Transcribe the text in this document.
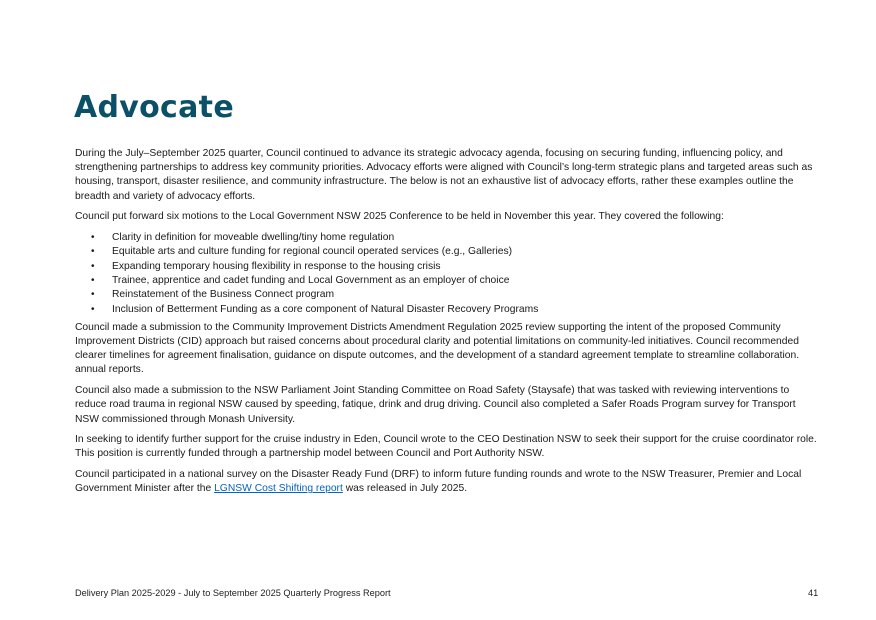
Advocate

During the July–September 2025 quarter, Council continued to advance its strategic advocacy agenda, focusing on securing funding, influencing policy, and strengthening partnerships to address key community priorities. Advocacy efforts were aligned with Council’s long-term strategic plans and targeted areas such as housing, transport, disaster resilience, and community infrastructure. The below is not an exhaustive list of advocacy efforts, rather these examples outline the breadth and variety of advocacy efforts.

Council put forward six motions to the Local Government NSW 2025 Conference to be held in November this year. They covered the following:

• Clarity in definition for moveable dwelling/tiny home regulation
• Equitable arts and culture funding for regional council operated services (e.g., Galleries)
• Expanding temporary housing flexibility in response to the housing crisis
• Trainee, apprentice and cadet funding and Local Government as an employer of choice
• Reinstatement of the Business Connect program
• Inclusion of Betterment Funding as a core component of Natural Disaster Recovery Programs

Council made a submission to the Community Improvement Districts Amendment Regulation 2025 review supporting the intent of the proposed Community Improvement Districts (CID) approach but raised concerns about procedural clarity and potential limitations on community-led initiatives. Council recommended clearer timelines for agreement finalisation, guidance on dispute outcomes, and the development of a standard agreement template to streamline collaboration. annual reports.

Council also made a submission to the NSW Parliament Joint Standing Committee on Road Safety (Staysafe) that was tasked with reviewing interventions to reduce road trauma in regional NSW caused by speeding, fatique, drink and drug driving. Council also completed a Safer Roads Program survey for Transport NSW commissioned through Monash University.

In seeking to identify further support for the cruise industry in Eden, Council wrote to the CEO Destination NSW to seek their support for the cruise coordinator role. This position is currently funded through a partnership model between Council and Port Authority NSW.

Council participated in a national survey on the Disaster Ready Fund (DRF) to inform future funding rounds and wrote to the NSW Treasurer, Premier and Local Government Minister after the LGNSW Cost Shifting report was released in July 2025.

Delivery Plan 2025-2029 - July to September 2025 Quarterly Progress Report	41
